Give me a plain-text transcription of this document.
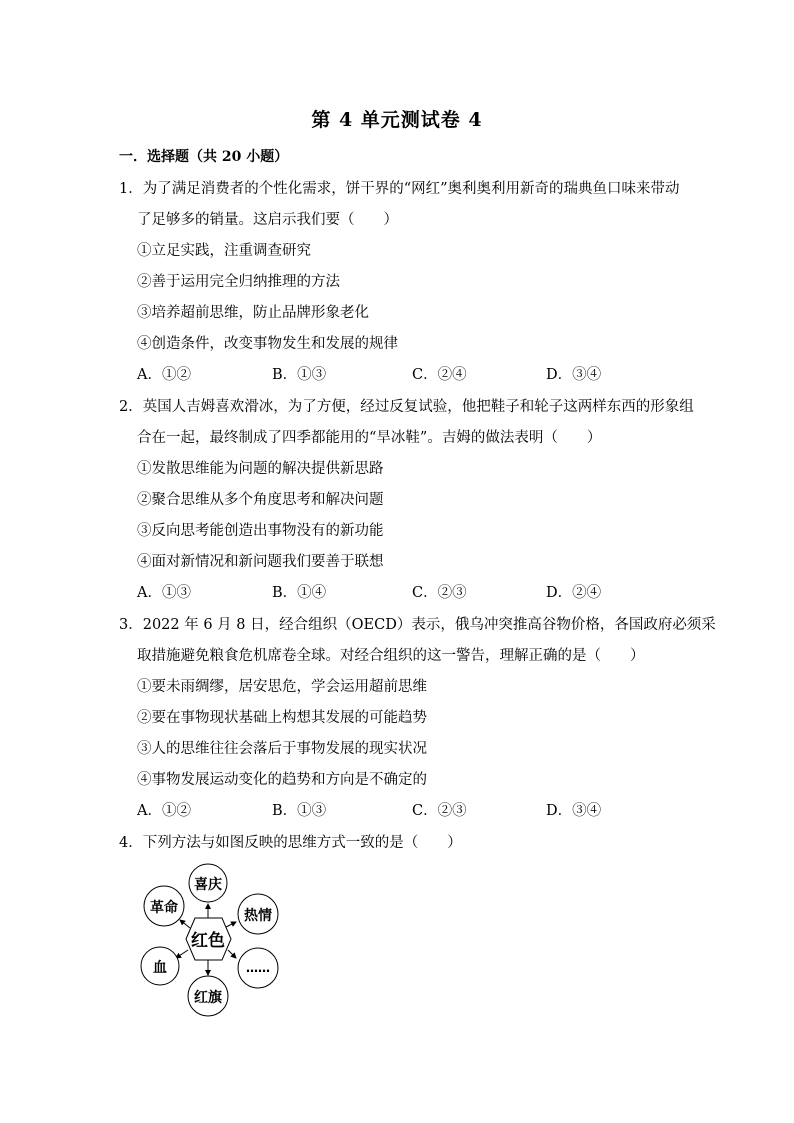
第 4 单元测试卷 4
一．选择题（共 20 小题）
1．为了满足消费者的个性化需求，饼干界的“网红”奥利奥利用新奇的瑞典鱼口味来带动
了足够多的销量。这启示我们要（　　）
①立足实践，注重调查研究
②善于运用完全归纳推理的方法
③培养超前思维，防止品牌形象老化
④创造条件，改变事物发生和发展的规律
A．①②	B．①③	C．②④	D．③④
2．英国人吉姆喜欢滑冰，为了方便，经过反复试验，他把鞋子和轮子这两样东西的形象组
合在一起，最终制成了四季都能用的“旱冰鞋”。吉姆的做法表明（　　）
①发散思维能为问题的解决提供新思路
②聚合思维从多个角度思考和解决问题
③反向思考能创造出事物没有的新功能
④面对新情况和新问题我们要善于联想
A．①③	B．①④	C．②③	D．②④
3．2022 年 6 月 8 日，经合组织（OECD）表示，俄乌冲突推高谷物价格，各国政府必须采
取措施避免粮食危机席卷全球。对经合组织的这一警告，理解正确的是（　　）
①要未雨绸缪，居安思危，学会运用超前思维
②要在事物现状基础上构想其发展的可能趋势
③人的思维往往会落后于事物发展的现实状况
④事物发展运动变化的趋势和方向是不确定的
A．①②	B．①③	C．②③	D．③④
4．下列方法与如图反映的思维方式一致的是（　　）
红色
喜庆
热情
……
红旗
血
革命
